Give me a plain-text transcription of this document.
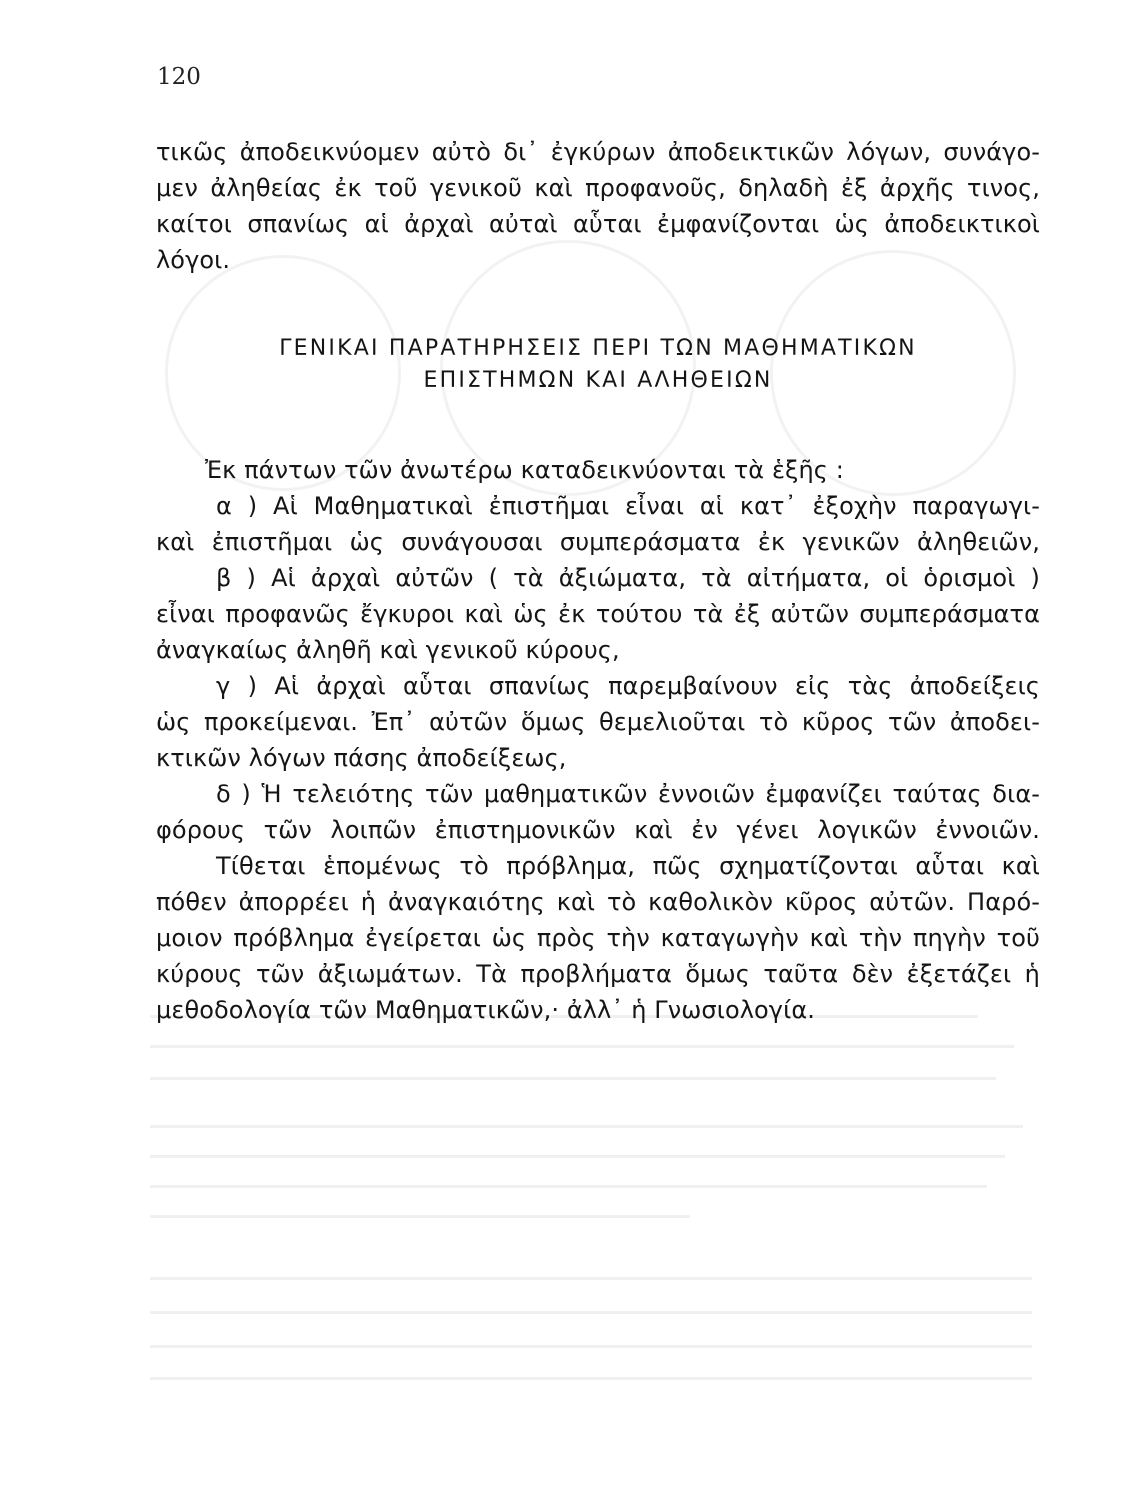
120
τικῶς ἀποδεικνύομεν αὐτὸ δι᾽ ἐγκύρων ἀποδεικτικῶν λόγων, συνάγο-
μεν ἀληθείας ἐκ τοῦ γενικοῦ καὶ προφανοῦς, δηλαδὴ ἐξ ἀρχῆς τινος,
καίτοι σπανίως αἱ ἀρχαὶ αὐταὶ αὗται ἐμφανίζονται ὡς ἀποδεικτικοὶ
λόγοι.
ΓΕΝΙΚΑΙ ΠΑΡΑΤΗΡΗΣΕΙΣ ΠΕΡΙ ΤΩΝ ΜΑΘΗΜΑΤΙΚΩΝ
ΕΠΙΣΤΗΜΩΝ ΚΑΙ ΑΛΗΘΕΙΩΝ
Ἐκ πάντων τῶν ἀνωτέρω καταδεικνύονται τὰ ἑξῆς :
α ) Αἱ Μαθηματικαὶ ἐπιστῆμαι εἶναι αἱ κατ᾽ ἐξοχὴν παραγωγι-
καὶ ἐπιστῆμαι ὡς συνάγουσαι συμπεράσματα ἐκ γενικῶν ἀληθειῶν,
β ) Αἱ ἀρχαὶ αὐτῶν ( τὰ ἀξιώματα, τὰ αἰτήματα, οἱ ὁρισμοὶ )
εἶναι προφανῶς ἔγκυροι καὶ ὡς ἐκ τούτου τὰ ἐξ αὐτῶν συμπεράσματα
ἀναγκαίως ἀληθῆ καὶ γενικοῦ κύρους,
γ ) Αἱ ἀρχαὶ αὗται σπανίως παρεμβαίνουν εἰς τὰς ἀποδείξεις
ὡς προκείμεναι. Ἐπ᾽ αὐτῶν ὅμως θεμελιοῦται τὸ κῦρος τῶν ἀποδει-
κτικῶν λόγων πάσης ἀποδείξεως,
δ ) Ἡ τελειότης τῶν μαθηματικῶν ἐννοιῶν ἐμφανίζει ταύτας δια-
φόρους τῶν λοιπῶν ἐπιστημονικῶν καὶ ἐν γένει λογικῶν ἐννοιῶν.
Τίθεται ἑπομένως τὸ πρόβλημα, πῶς σχηματίζονται αὗται καὶ
πόθεν ἀπορρέει ἡ ἀναγκαιότης καὶ τὸ καθολικὸν κῦρος αὐτῶν. Παρό-
μοιον πρόβλημα ἐγείρεται ὡς πρὸς τὴν καταγωγὴν καὶ τὴν πηγὴν τοῦ
κύρους τῶν ἀξιωμάτων. Τὰ προβλήματα ὅμως ταῦτα δὲν ἐξετάζει ἡ
μεθοδολογία τῶν Μαθηματικῶν,· ἀλλ᾽ ἡ Γνωσιολογία.
